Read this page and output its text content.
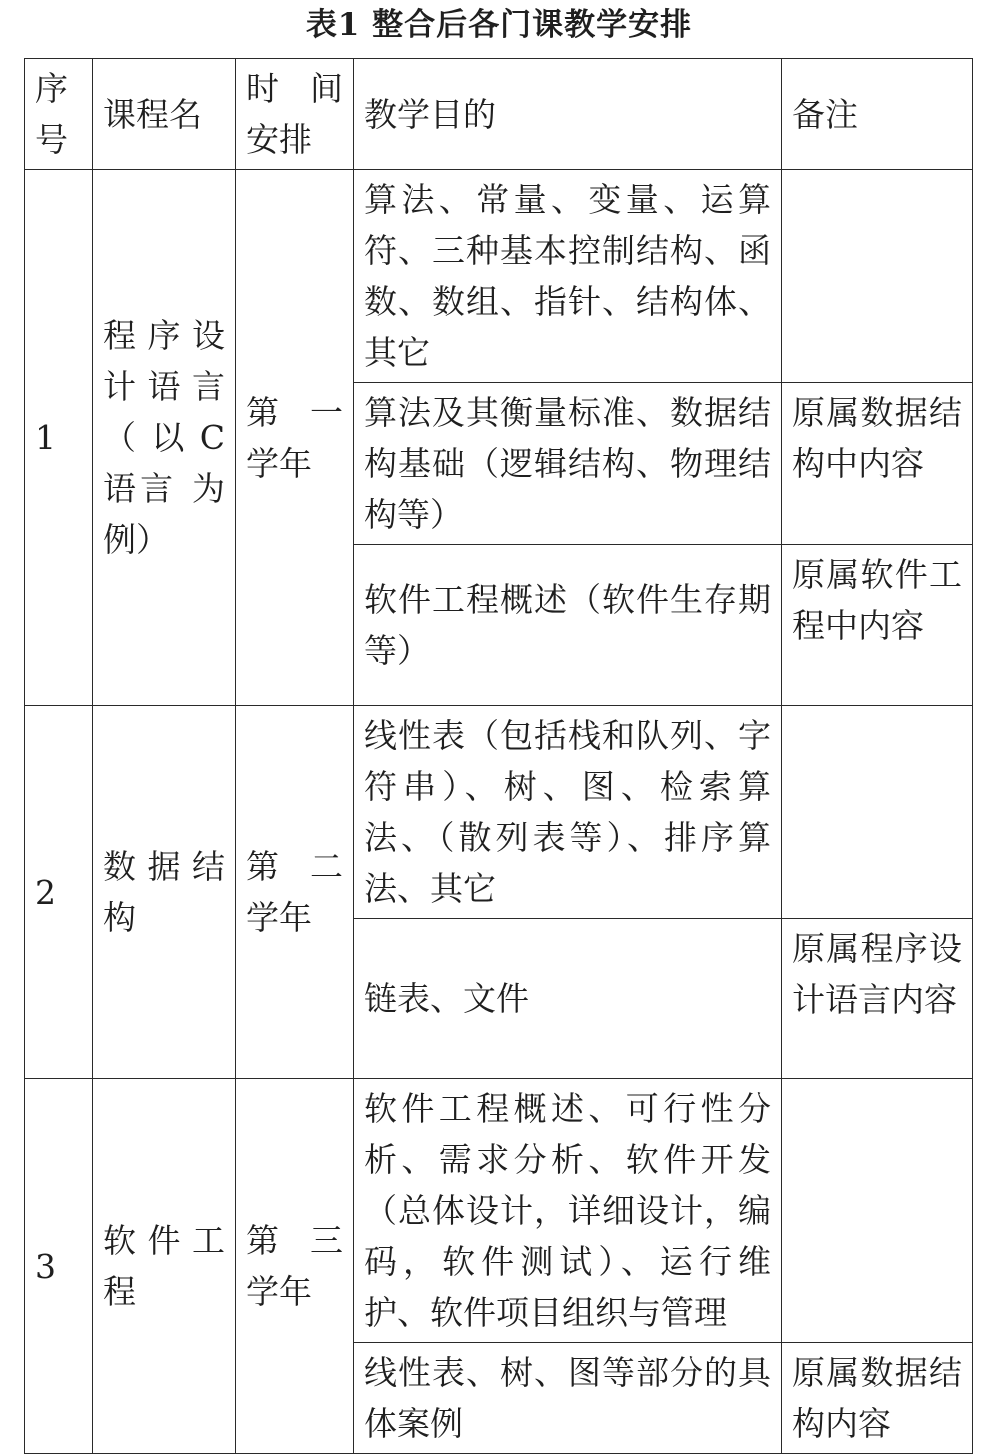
表1 整合后各门课教学安排
序号	课程名	时间安排	教学目的	备注
1	程序设计语言（以C语言 为例）	第 一 学年	算法、常量、变量、运算符、三种基本控制结构、函数、数组、指针、结构体、其它	
			算法及其衡量标准、数据结构基础（逻辑结构、物理结构等）	原属数据结构中内容
			软件工程概述（软件生存期等）	原属软件工程中内容
2	数据结构	第 二 学年	线性表（包括栈和队列、字符串）、树、图、检索算法、（散列表等）、排序算法、其它	
			链表、文件	原属程序设计语言内容
3	软件工程	第 三 学年	软件工程概述、可行性分析、需求分析、软件开发（总体设计，详细设计，编码，软件测试）、运行维护、软件项目组织与管理	
			线性表、树、图等部分的具体案例	原属数据结构内容
